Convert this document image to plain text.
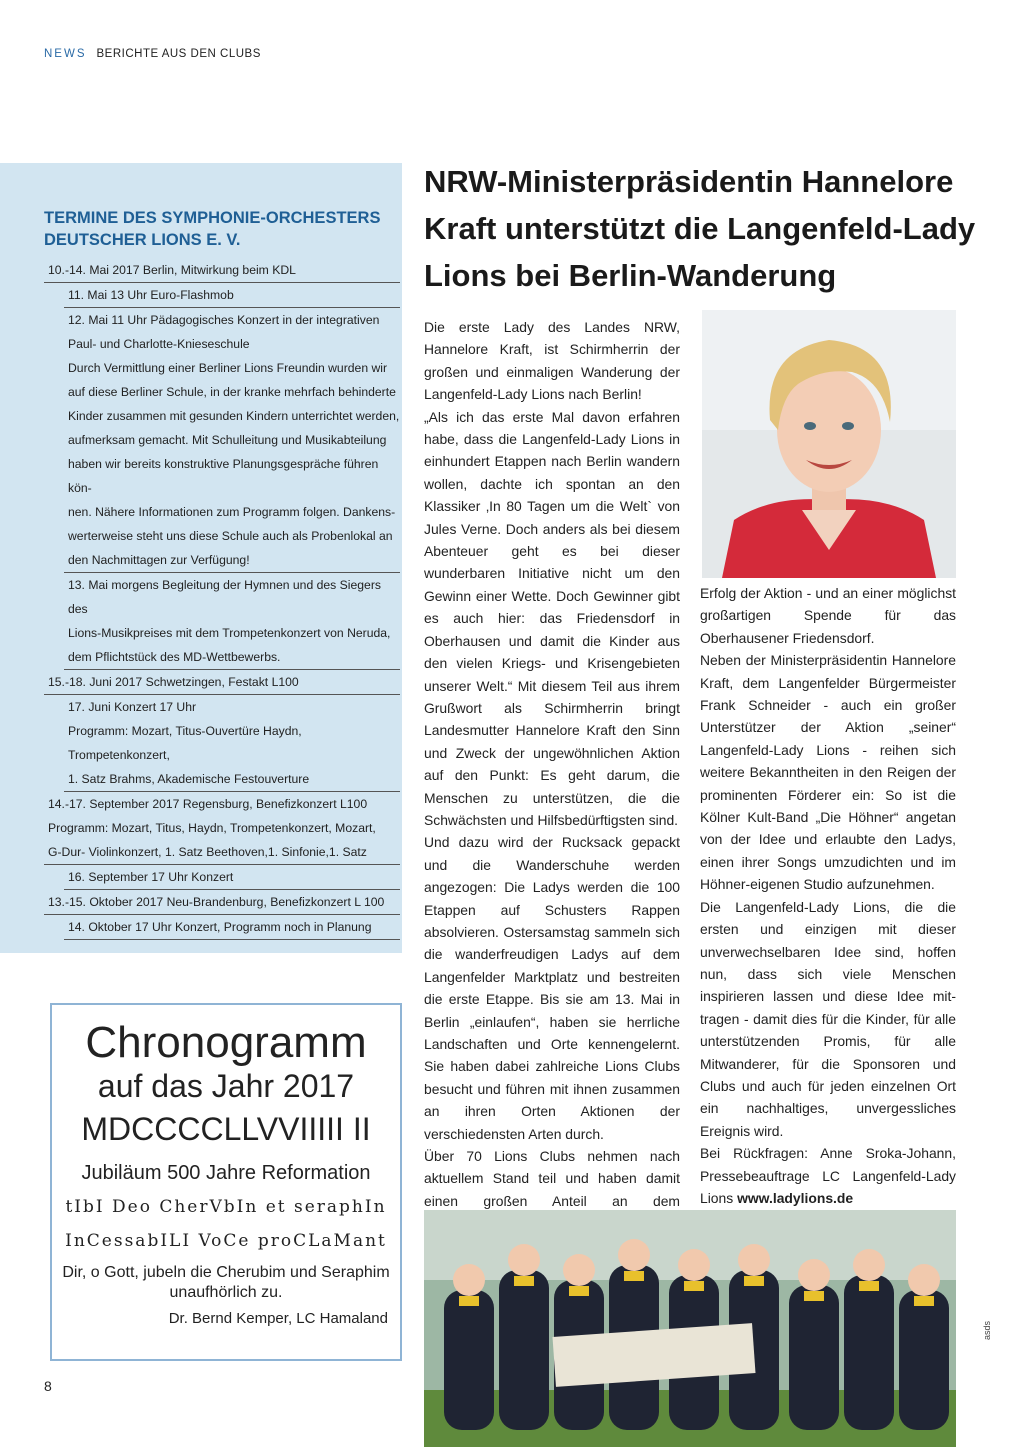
NEWS BERICHTE AUS DEN CLUBS
TERMINE DES SYMPHONIE-ORCHESTERS DEUTSCHER LIONS E. V.

10.-14. Mai 2017 Berlin, Mitwirkung beim KDL

11. Mai 13 Uhr Euro-Flashmob

12. Mai 11 Uhr Pädagogisches Konzert in der integrativen

Paul- und Charlotte-Knieseschule

Durch Vermittlung einer Berliner Lions Freundin wurden wir

auf diese Berliner Schule, in der kranke mehrfach behinderte

Kinder zusammen mit gesunden Kindern unterrichtet werden,

aufmerksam gemacht. Mit Schulleitung und Musikabteilung

haben wir bereits konstruktive Planungsgespräche führen kön-

nen. Nähere Informationen zum Programm folgen. Dankens-

werterweise steht uns diese Schule auch als Probenlokal an

den Nachmittagen zur Verfügung!

13. Mai morgens Begleitung der Hymnen und des Siegers des

Lions-Musikpreises mit dem Trompetenkonzert von Neruda,

dem Pflichtstück des MD-Wettbewerbs.

15.-18. Juni 2017 Schwetzingen, Festakt L100

17. Juni Konzert 17 Uhr

Programm: Mozart, Titus-Ouvertüre Haydn, Trompetenkonzert,

1. Satz Brahms, Akademische Festouverture

14.-17. September 2017 Regensburg, Benefizkonzert L100

Programm: Mozart, Titus, Haydn, Trompetenkonzert, Mozart,

G-Dur- Violinkonzert, 1. Satz Beethoven,1. Sinfonie,1. Satz

16. September 17 Uhr Konzert

13.-15. Oktober 2017 Neu-Brandenburg, Benefizkonzert L 100

14. Oktober 17 Uhr Konzert, Programm noch in Planung

Chronogramm
auf das Jahr 2017
MDCCCCLLVVIIIII II
Jubiläum 500 Jahre Reformation
tIbI Deo CherVbIn et seraphIn
InCessabILI VoCe proCLaMant
Dir, o Gott, jubeln die Cherubim und Seraphim unaufhörlich zu.
Dr. Bernd Kemper, LC Hamaland
NRW-Ministerpräsidentin Hannelore Kraft unterstützt die Langenfeld-Lady Lions bei Berlin-Wanderung

Die erste Lady des Landes NRW, Hannelore Kraft, ist Schirmherrin der großen und einmaligen Wanderung der Langenfeld-Lady Lions nach Berlin!

„Als ich das erste Mal davon erfahren habe, dass die Langenfeld-Lady Lions in einhundert Etappen nach Berlin wandern wollen, dachte ich spontan an den Klassiker ‚In 80 Tagen um die Welt` von Jules Verne. Doch anders als bei diesem Abenteuer geht es bei dieser wunderbaren Initiative nicht um den Gewinn einer Wette. Doch Gewinner gibt es auch hier: das Friedensdorf in Oberhausen und damit die Kinder aus den vielen Kriegs- und Krisengebieten unserer Welt.“ Mit diesem Teil aus ihrem Grußwort als Schirmherrin bringt Landesmutter Hannelore Kraft den Sinn und Zweck der ungewöhnlichen Aktion auf den Punkt: Es geht darum, die Menschen zu unterstützen, die die Schwächsten und Hilfsbedürftigsten sind.

Und dazu wird der Rucksack gepackt und die Wanderschuhe werden angezogen: Die Ladys werden die 100 Etappen auf Schusters Rappen absolvieren. Ostersamstag sammeln sich die wanderfreudigen Ladys auf dem Langenfelder Marktplatz und bestreiten die erste Etappe. Bis sie am 13. Mai in Berlin „einlaufen“, haben sie herrliche Landschaften und Orte kennengelernt. Sie haben dabei zahlreiche Lions Clubs besucht und führen mit ihnen zusammen an ihren Orten Aktionen der verschiedensten Arten durch.

Über 70 Lions Clubs nehmen nach aktuellem Stand teil und haben damit einen großen Anteil an dem

Erfolg der Aktion - und an einer möglichst großartigen Spende für das Oberhausener Friedensdorf.

Neben der Ministerpräsidentin Hannelore Kraft, dem Langenfelder Bürgermeister Frank Schneider - auch ein großer Unterstützer der Aktion „seiner“ Langenfeld-Lady Lions - reihen sich weitere Bekanntheiten in den Reigen der prominenten Förderer ein: So ist die Kölner Kult-Band „Die Höhner“ angetan von der Idee und erlaubte den Ladys, einen ihrer Songs umzudichten und im Höhner-eigenen Studio aufzunehmen.

Die Langenfeld-Lady Lions, die die ersten und einzigen mit dieser unverwechselbaren Idee sind, hoffen nun, dass sich viele Menschen inspirieren lassen und diese Idee mit-tragen - damit dies für die Kinder, für alle unterstützenden Promis, für alle Mitwanderer, für die Sponsoren und Clubs und auch für jeden einzelnen Ort ein nachhaltiges, unvergessliches Ereignis wird.

Bei Rückfragen: Anne Sroka-Johann, Pressebeauftrage LC Langenfeld-Lady Lions www.ladylions.de

8
asds
